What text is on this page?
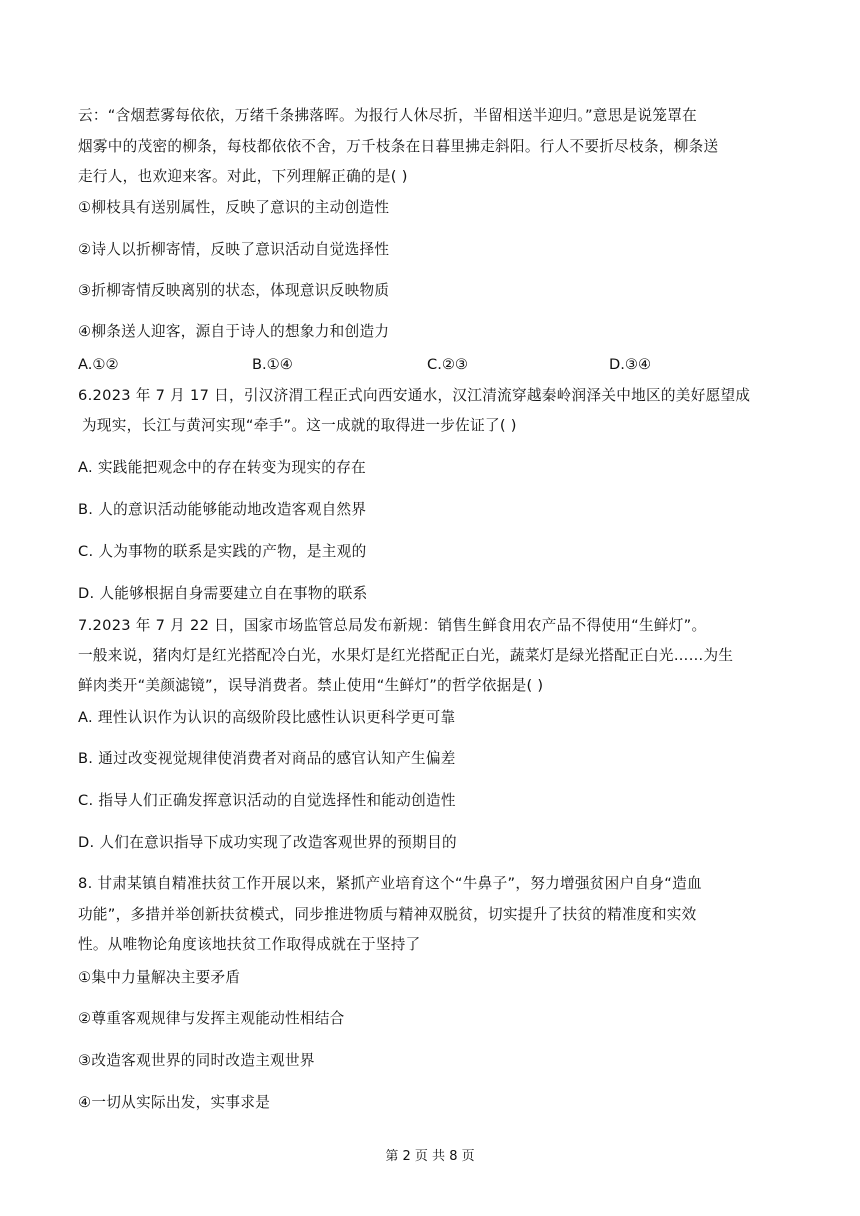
云：“含烟惹雾每依依，万绪千条拂落晖。为报行人休尽折，半留相送半迎归。”意思是说笼罩在
烟雾中的茂密的柳条，每枝都依依不舍，万千枝条在日暮里拂走斜阳。行人不要折尽枝条，柳条送
走行人，也欢迎来客。对此，下列理解正确的是( )
①柳枝具有送别属性，反映了意识的主动创造性
②诗人以折柳寄情，反映了意识活动自觉选择性
③折柳寄情反映离别的状态，体现意识反映物质
④柳条送人迎客，源自于诗人的想象力和创造力
A.①②	B.①④	C.②③	D.③④
6.2023 年 7 月 17 日，引汉济渭工程正式向西安通水，汉江清流穿越秦岭润泽关中地区的美好愿望成
为现实，长江与黄河实现“牵手”。这一成就的取得进一步佐证了( )
A. 实践能把观念中的存在转变为现实的存在
B. 人的意识活动能够能动地改造客观自然界
C. 人为事物的联系是实践的产物，是主观的
D. 人能够根据自身需要建立自在事物的联系
7.2023 年 7 月 22 日，国家市场监管总局发布新规：销售生鲜食用农产品不得使用“生鲜灯”。
一般来说，猪肉灯是红光搭配冷白光，水果灯是红光搭配正白光，蔬菜灯是绿光搭配正白光……为生
鲜肉类开“美颜滤镜”，误导消费者。禁止使用“生鲜灯”的哲学依据是( )
A. 理性认识作为认识的高级阶段比感性认识更科学更可靠
B. 通过改变视觉规律使消费者对商品的感官认知产生偏差
C. 指导人们正确发挥意识活动的自觉选择性和能动创造性
D. 人们在意识指导下成功实现了改造客观世界的预期目的
8. 甘肃某镇自精准扶贫工作开展以来，紧抓产业培育这个“牛鼻子”，努力增强贫困户自身“造血
功能”，多措并举创新扶贫模式，同步推进物质与精神双脱贫，切实提升了扶贫的精准度和实效
性。从唯物论角度该地扶贫工作取得成就在于坚持了
①集中力量解决主要矛盾
②尊重客观规律与发挥主观能动性相结合
③改造客观世界的同时改造主观世界
④一切从实际出发，实事求是
第 2 页 共 8 页
